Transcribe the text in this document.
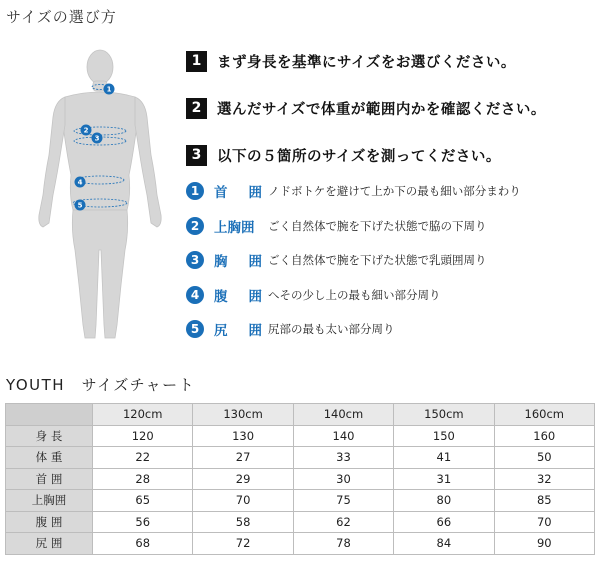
サイズの選び方
1
2
3
4
5
1	まず身長を基準にサイズをお選びください。
2	選んだサイズで体重が範囲内かを確認ください。
3	以下の５箇所のサイズを測ってください。
1	首 囲 ノドボトケを避けて上か下の最も細い部分まわり
2	上胸囲 ごく自然体で腕を下げた状態で脇の下周り
3	胸 囲 ごく自然体で腕を下げた状態で乳頭囲周り
4	腹 囲 へその少し上の最も細い部分周り
5	尻 囲 尻部の最も太い部分周り
YOUTH　サイズチャート
	120cm	130cm	140cm	150cm	160cm
身 長	120	130	140	150	160
体 重	22	27	33	41	50
首 囲	28	29	30	31	32
上胸囲	65	70	75	80	85
腹 囲	56	58	62	66	70
尻 囲	68	72	78	84	90
